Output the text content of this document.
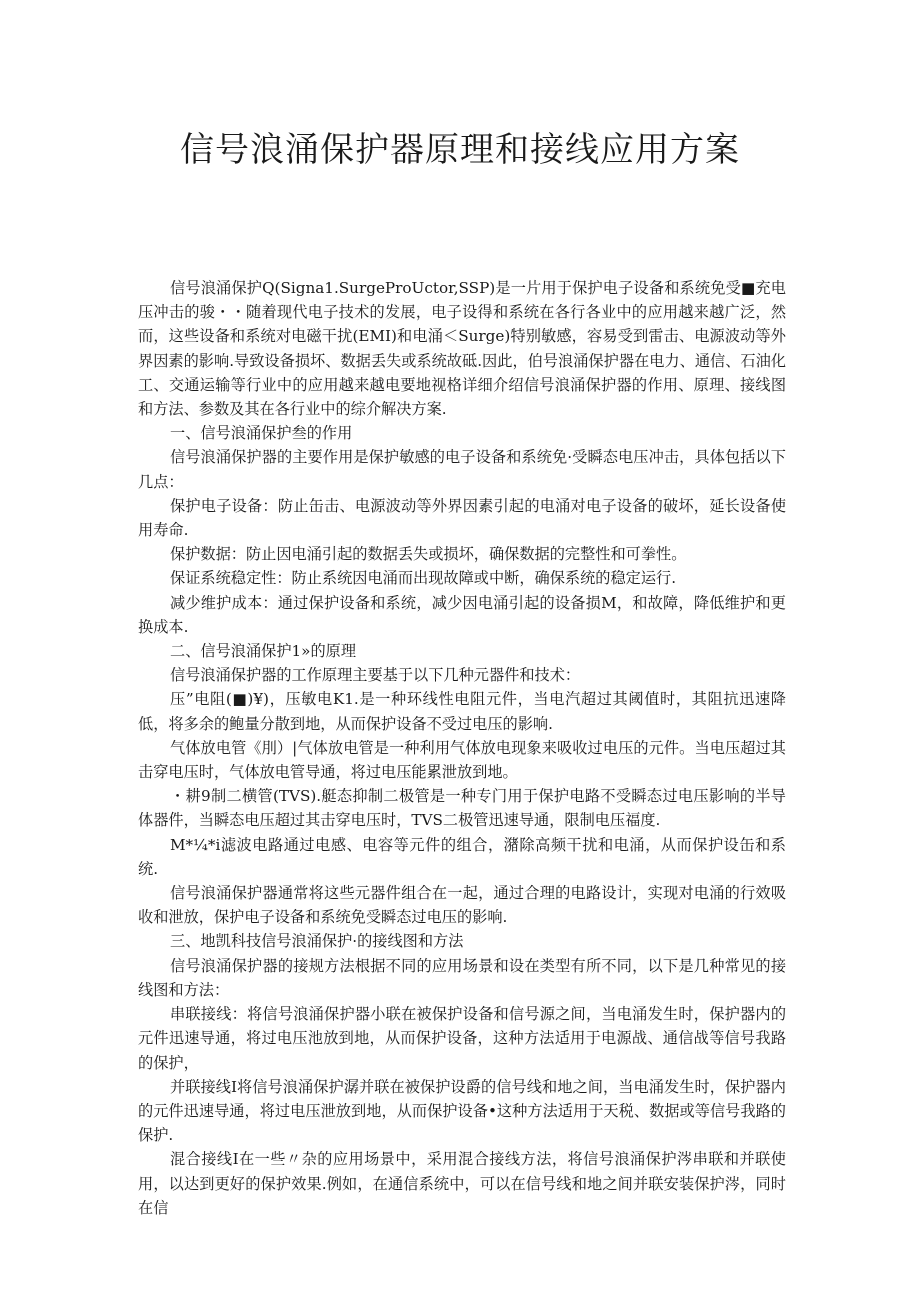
信号浪涌保护器原理和接线应用方案

信号浪涌保护Q(Signa1.SurgeProUctor,SSP)是一片用于保护电子设备和系统免受■充电压冲击的骏・・随着现代电子技术的发展，电子设得和系统在各行各业中的应用越来越广泛，然而，这些设备和系统对电磁干扰(EMI)和电涌＜Surge)特别敏感，容易受到雷击、电源波动等外界因素的影响.导致设备损坏、数据丢失或系统故砥.因此，伯号浪涌保护器在电力、通信、石油化工、交通运输等行业中的应用越来越电要地视格详细介绍信号浪涌保护器的作用、原理、接线图和方法、参数及其在各行业中的综介解决方案.

一、信号浪涌保护叁的作用

信号浪涌保护器的主要作用是保护敏感的电子设备和系统免·受瞬态电压冲击，具体包括以下几点：

保护电子设备：防止缶击、电源波动等外界因素引起的电涌对电子设备的破坏，延长设备使用寿命.

保护数据：防止因电涌引起的数据丢失或损坏，确保数据的完整性和可拳性。

保证系统稳定性：防止系统因电涌而出现故障或中断，确保系统的稳定运行.

减少维护成本：通过保护设备和系统，减少因电涌引起的设备损M，和故障，降低维护和更换成本.

二、信号浪涌保护1»的原理

信号浪涌保护器的工作原理主要基于以下几种元器件和技术：

压”电阻(■)¥)，压敏电K1.是一种环线性电阻元件，当电汽超过其阈值时，其阻抗迅速降低，将多余的鲍量分散到地，从而保护设备不受过电压的影响.

气体放电管《刖）|气体放电管是一种利用气体放电现象来吸收过电压的元件。当电压超过其击穿电压时，气体放电管导通，将过电压能累泄放到地。

・耕9制二横管(TVS).艇态抑制二极管是一种专门用于保护电路不受瞬态过电压影响的半导体器件，当瞬态电压超过其击穿电压时，TVS二极管迅速导通，限制电压福度.

M*¼*i滤波电路通过电感、电容等元件的组合，潴除高频干扰和电涌，从而保护设缶和系统.

信号浪涌保护器通常将这些元器件组合在一起，通过合理的电路设计，实现对电涌的行效吸收和泄放，保护电子设备和系统免受瞬态过电压的影响.

三、地凯科技信号浪涌保护·的接线图和方法

信号浪涌保护器的接规方法根据不同的应用场景和设在类型有所不同，以下是几种常见的接线图和方法：

串联接线：将信号浪涌保护器小联在被保护设备和信号源之间，当电涌发生时，保护器内的元件迅速导通，将过电压池放到地，从而保护设备，这种方法适用于电源战、通信战等信号我路的保护，

并联接线I将信号浪涌保护潺并联在被保护设爵的信号线和地之间，当电涌发生时，保护器内的元件迅速导通，将过电压泄放到地，从而保护设备•这种方法适用于天税、数据或等信号我路的保护.

混合接线I在一些〃杂的应用场景中，采用混合接线方法，将信号浪涌保护涔串联和并联使用，以达到更好的保护效果.例如，在通信系统中，可以在信号线和地之间并联安装保护涔，同时在信
